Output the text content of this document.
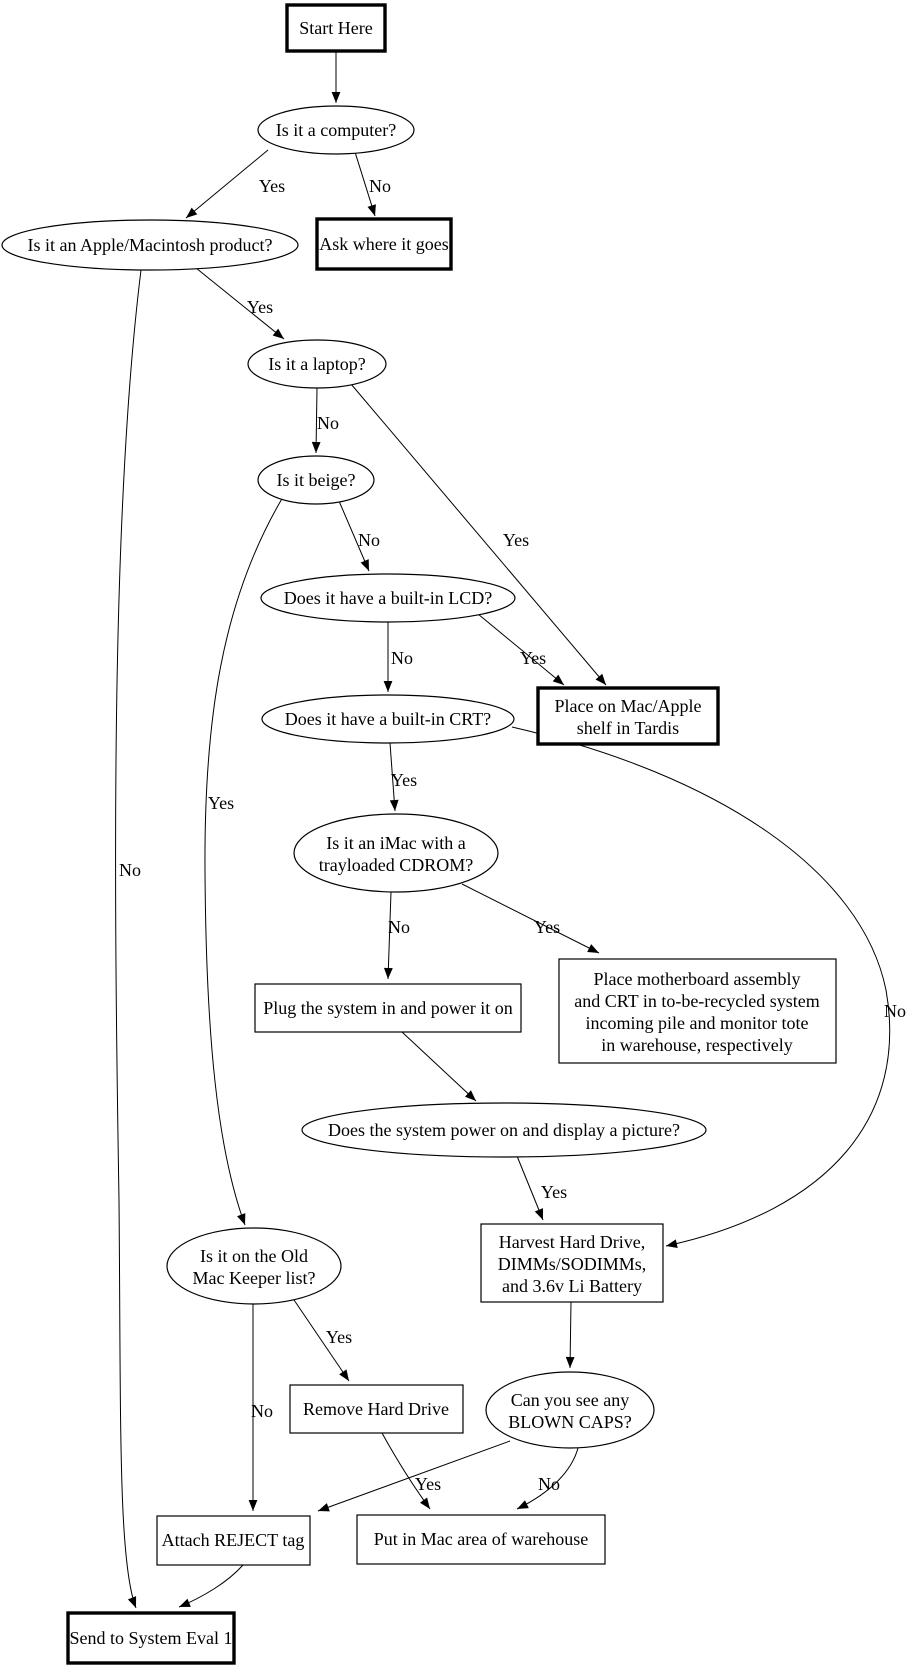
Yes	No
Yes
No
No
Yes
No
Yes
No	Yes
Yes
No
No	Yes
Yes
Yes
No
Yes	No
Start Here
Is it a computer?
Is it an Apple/Macintosh product?	Ask where it goes
Is it a laptop?
Is it beige?
Does it have a built-in LCD?
Does it have a built-in CRT?
Place on Mac/Apple
shelf in Tardis
Is it an iMac with a
trayloaded CDROM?
Plug the system in and power it on
Place motherboard assembly
and CRT in to-be-recycled system
incoming pile and monitor tote
in warehouse, respectively
Does the system power on and display a picture?
Harvest Hard Drive,
DIMMs/SODIMMs,
and 3.6v Li Battery
Is it on the Old
Mac Keeper list?
Remove Hard Drive	Can you see any
BLOWN CAPS?
Attach REJECT tag	Put in Mac area of warehouse
Send to System Eval 1
